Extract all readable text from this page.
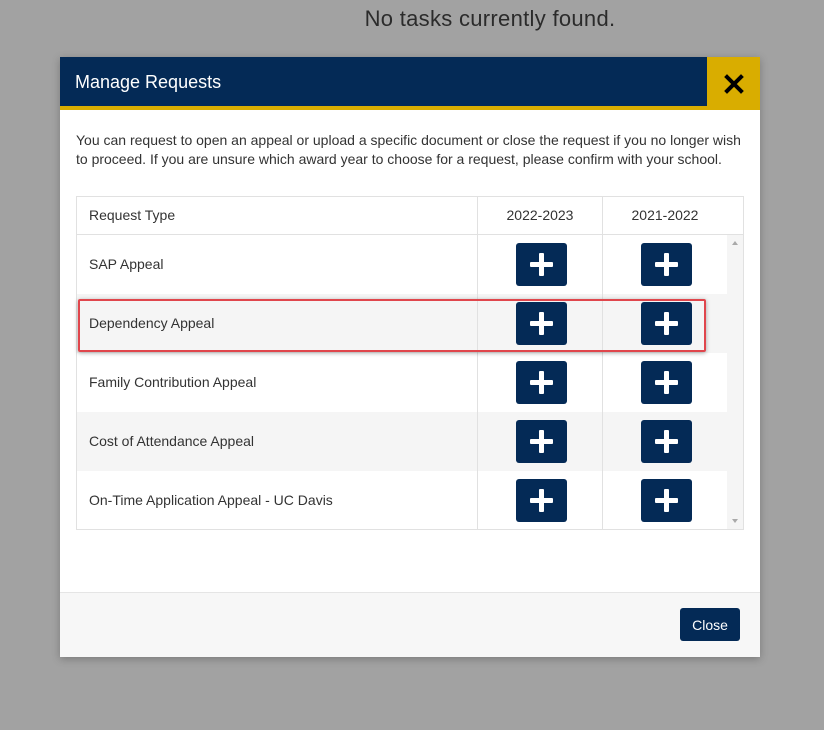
No tasks currently found.
Manage Requests

You can request to open an appeal or upload a specific document or close the request if you no longer wish to proceed. If you are unsure which award year to choose for a request, please confirm with your school.

Request Type	2022-2023	2021-2022
SAP Appeal
Dependency Appeal
Family Contribution Appeal
Cost of Attendance Appeal
On-Time Application Appeal - UC Davis
Close
